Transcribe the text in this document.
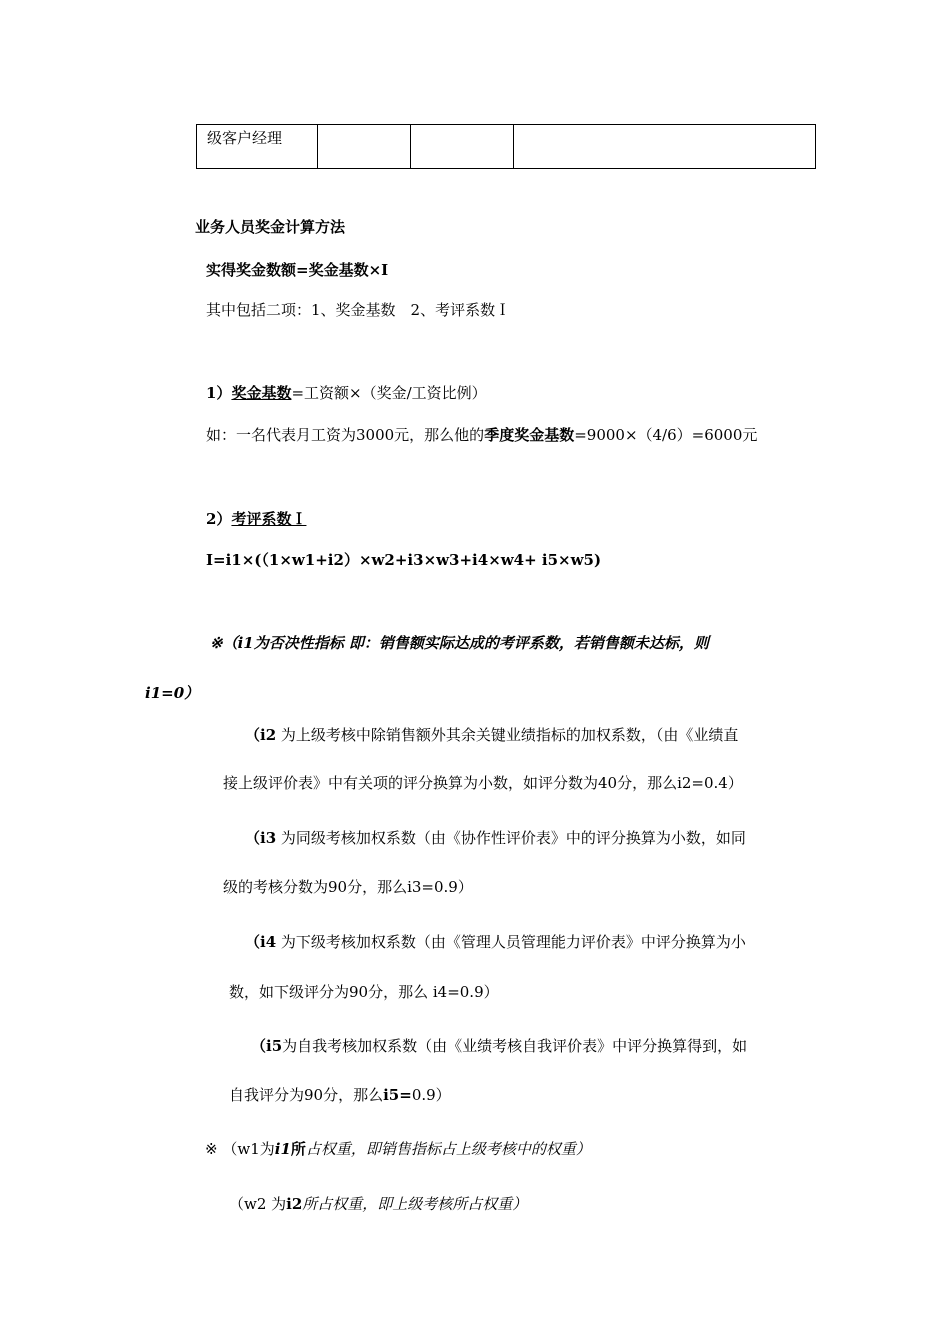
级客户经理			
业务人员奖金计算方法
实得奖金数额=奖金基数×I
其中包括二项：1、奖金基数　2、考评系数Ｉ
1）奖金基数=工资额×（奖金/工资比例）
如：一名代表月工资为3000元，那么他的季度奖金基数=9000×（4/6）=6000元
2）考评系数Ｉ
I=i1×(（1×w1+i2）×w2+i3×w3+i4×w4+ i5×w5)
※（i1为否决性指标 即：销售额实际达成的考评系数，若销售额未达标，则
i1=0）
（i2 为上级考核中除销售额外其余关键业绩指标的加权系数，（由《业绩直
接上级评价表》中有关项的评分换算为小数，如评分数为40分，那么i2=0.4）
（i3 为同级考核加权系数（由《协作性评价表》中的评分换算为小数，如同
级的考核分数为90分，那么i3=0.9）
（i4 为下级考核加权系数（由《管理人员管理能力评价表》中评分换算为小
数，如下级评分为90分，那么 i4=0.9）
（i5为自我考核加权系数（由《业绩考核自我评价表》中评分换算得到，如
自我评分为90分，那么i5=0.9）
※ （w1为i1所占权重，即销售指标占上级考核中的权重）
（w2 为i2所占权重，即上级考核所占权重）
